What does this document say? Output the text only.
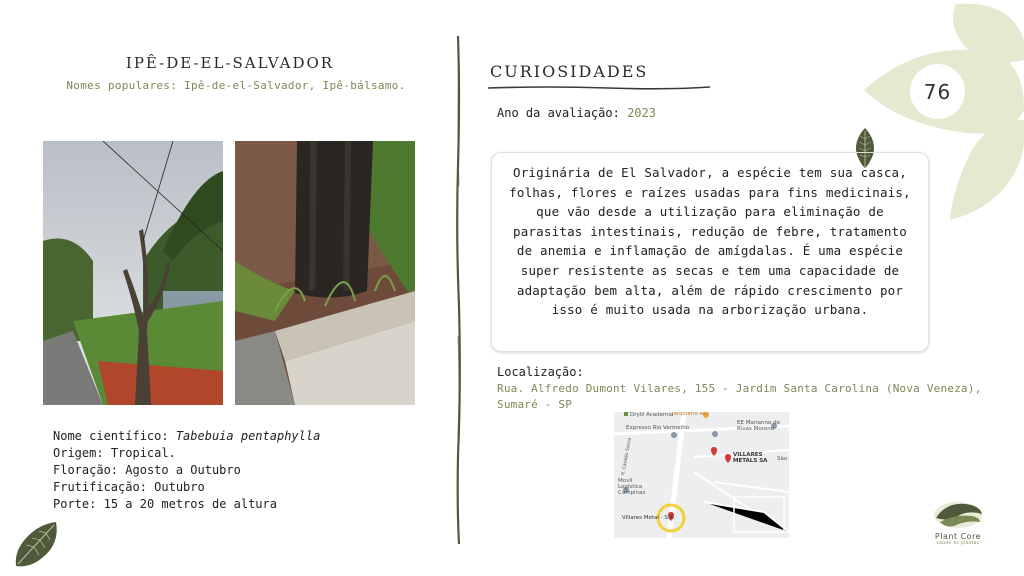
IPÊ-DE-EL-SALVADOR
Nomes populares: Ipê-de-el-Salvador, Ipê-bálsamo.
Nome científico: Tabebuia pentaphylla
Origem: Tropical.
Floração: Agosto a Outubro
Frutificação: Outubro
Porte: 15 a 20 metros de altura
CURIOSIDADES
Ano da avaliação: 2023

Originária de El Salvador, a espécie tem sua casca, folhas, flores e raízes usadas para fins medicinais, que vão desde a utilização para eliminação de parasitas intestinais, redução de febre, tratamento de anemia e inflamação de amígdalas. É uma espécie super resistente as secas e tem uma capacidade de adaptação bem alta, além de rápido crescimento por isso é muito usada na arborização urbana.

Localização:
Rua. Alfredo Dumont Vilares, 155 - Jardim Santa Carolina (Nova Veneza), Sumaré - SP
Drylil Academia
Jardinkho Rol
Expresso Rio Vermelho
EE Marianne de Rivas Moreno
VILLARES METALS SA	São
Movil Logística Campinas
Villares Metal - S.A.
R. Catalão Sousa
76
Plant Core
saúde às plantas
